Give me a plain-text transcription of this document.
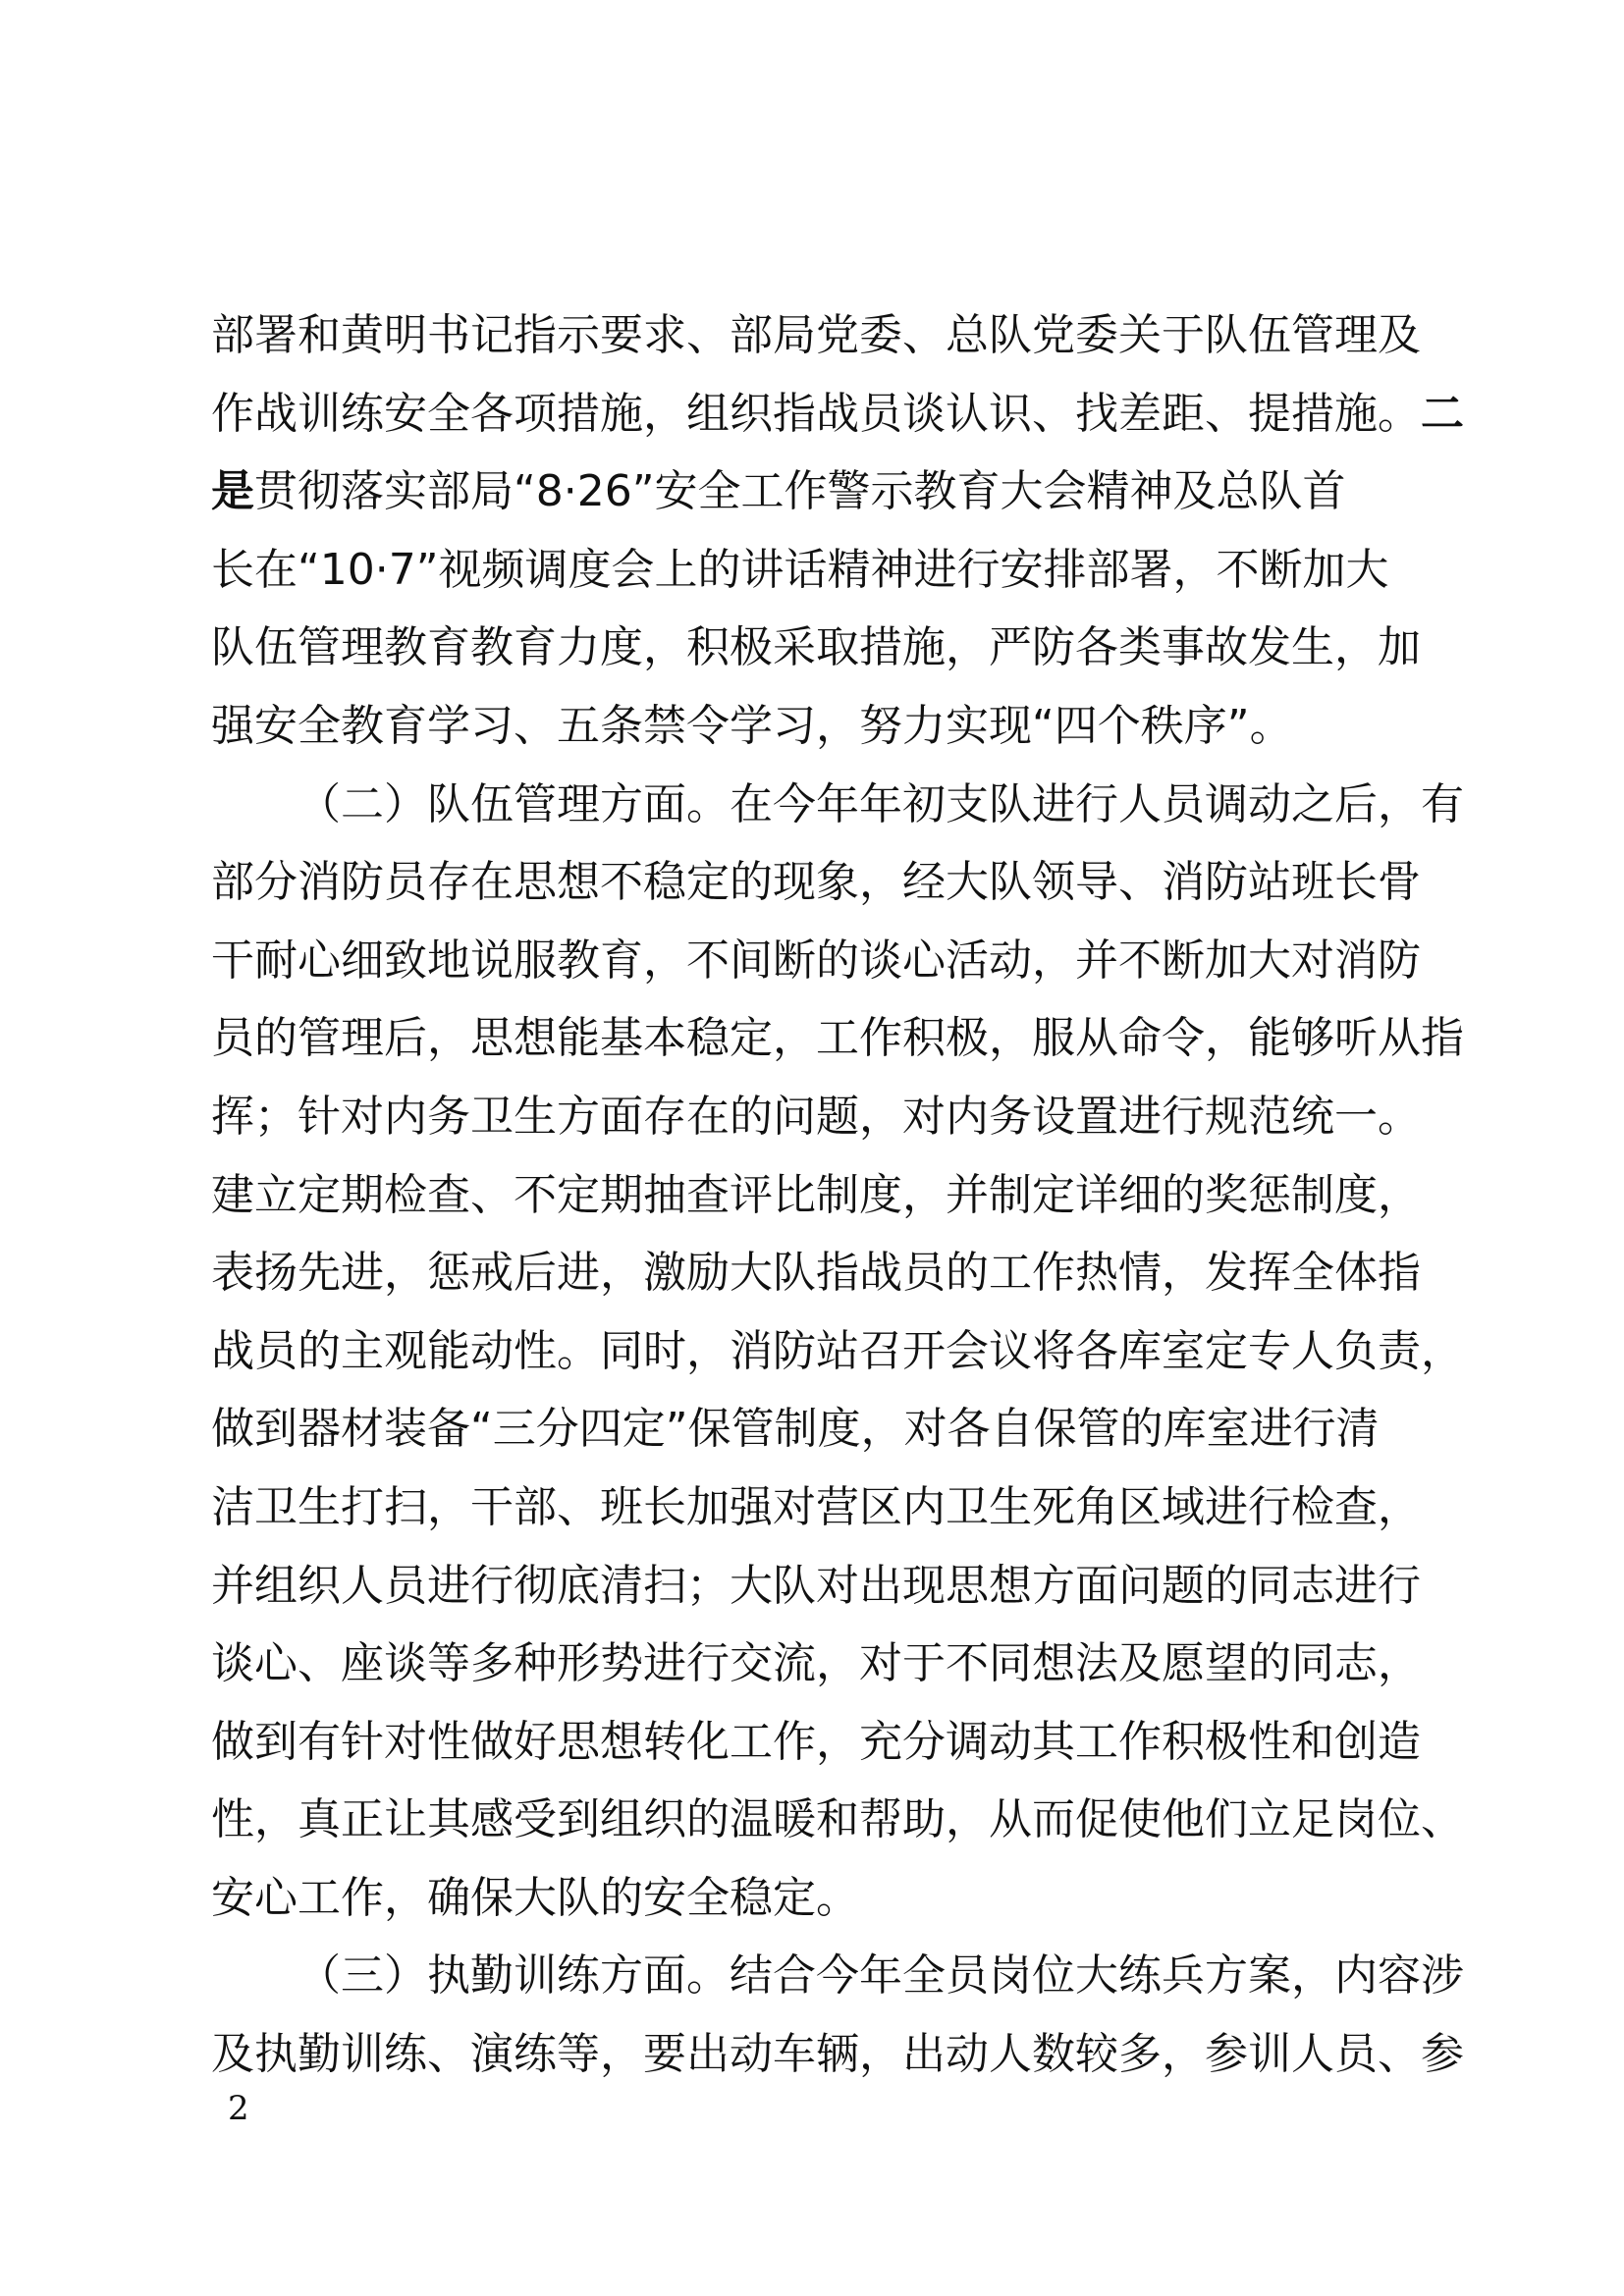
部署和黄明书记指示要求、部局党委、总队党委关于队伍管理及
作战训练安全各项措施，组织指战员谈认识、找差距、提措施。二
是贯彻落实部局“8·26”安全工作警示教育大会精神及总队首
长在“10·7”视频调度会上的讲话精神进行安排部署，不断加大
队伍管理教育教育力度，积极采取措施，严防各类事故发生，加
强安全教育学习、五条禁令学习，努力实现“四个秩序”。
（二）队伍管理方面。在今年年初支队进行人员调动之后，有
部分消防员存在思想不稳定的现象，经大队领导、消防站班长骨
干耐心细致地说服教育，不间断的谈心活动，并不断加大对消防
员的管理后，思想能基本稳定，工作积极，服从命令，能够听从指
挥；针对内务卫生方面存在的问题，对内务设置进行规范统一。
建立定期检查、不定期抽查评比制度，并制定详细的奖惩制度，
表扬先进，惩戒后进，激励大队指战员的工作热情，发挥全体指
战员的主观能动性。同时，消防站召开会议将各库室定专人负责，
做到器材装备“三分四定”保管制度，对各自保管的库室进行清
洁卫生打扫，干部、班长加强对营区内卫生死角区域进行检查，
并组织人员进行彻底清扫；大队对出现思想方面问题的同志进行
谈心、座谈等多种形势进行交流，对于不同想法及愿望的同志，
做到有针对性做好思想转化工作，充分调动其工作积极性和创造
性，真正让其感受到组织的温暖和帮助，从而促使他们立足岗位、
安心工作，确保大队的安全稳定。
（三）执勤训练方面。结合今年全员岗位大练兵方案，内容涉
及执勤训练、演练等，要出动车辆，出动人数较多，参训人员、参
2
